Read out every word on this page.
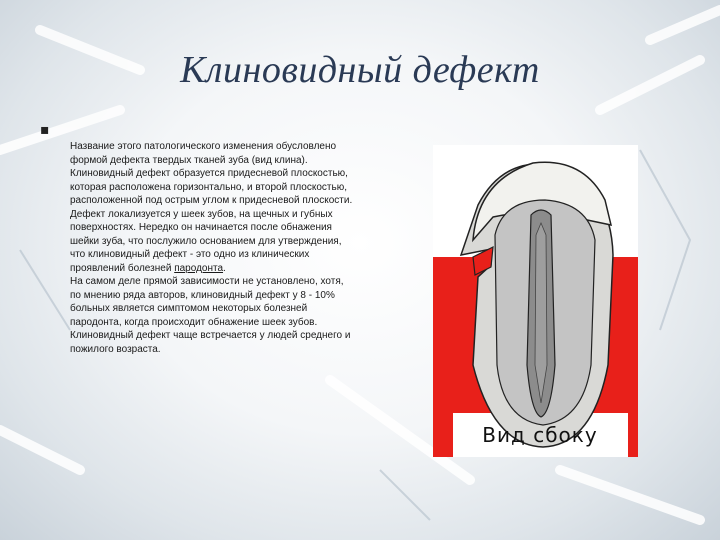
Клиновидный дефект
▪
Название этого патологического изменения обусловлено формой дефекта твердых тканей зуба (вид клина). Клиновидный дефект образуется придесневой плоскостью, которая расположена горизонтально, и второй плоскостью, расположенной под острым углом к придесневой плоскости. Дефект локализуется у шеек зубов, на щечных и губных поверхностях. Нередко он начинается после обнажения шейки зуба, что послужило основанием для утверждения, что клиновидный дефект - это одно из клинических проявлений болезней пародонта.
На самом деле прямой зависимости не установлено, хотя, по мнению ряда авторов, клиновидный дефект у 8 - 10% больных является симптомом некоторых болезней пародонта, когда происходит обнажение шеек зубов.
Клиновидный дефект чаще встречается у людей среднего и пожилого возраста.
Вид сбоку
